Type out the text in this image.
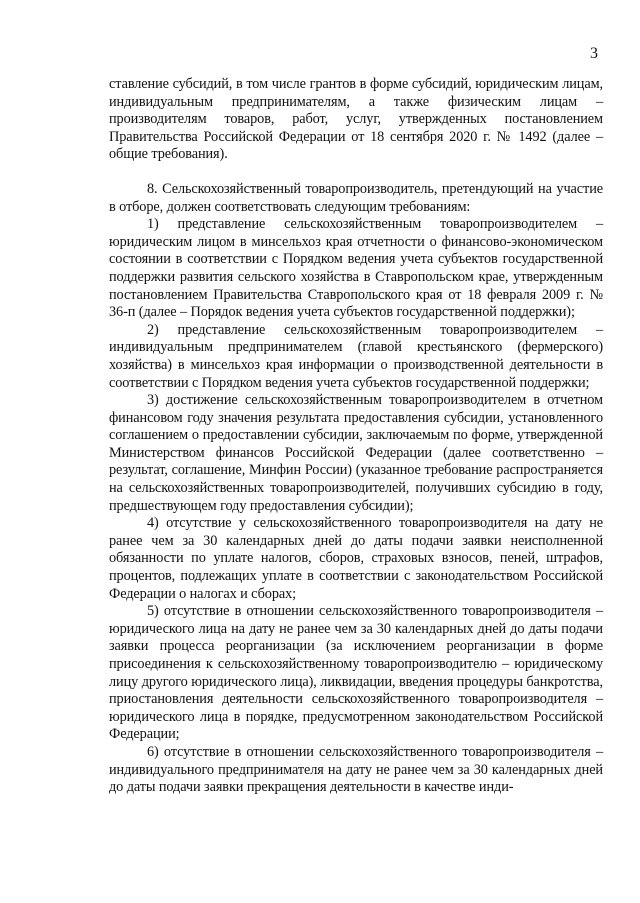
3

ставление субсидий, в том числе грантов в форме субсидий, юридическим лицам, индивидуальным предпринимателям, а также физическим лицам – производителям товаров, работ, услуг, утвержденных постановлением Правительства Российской Федерации от 18 сентября 2020 г. № 1492 (далее – общие требования).

8. Сельскохозяйственный товаропроизводитель, претендующий на участие в отборе, должен соответствовать следующим требованиям:

1) представление сельскохозяйственным товаропроизводителем – юридическим лицом в минсельхоз края отчетности о финансово-экономическом состоянии в соответствии с Порядком ведения учета субъектов государственной поддержки развития сельского хозяйства в Ставропольском крае, утвержденным постановлением Правительства Ставропольского края от 18 февраля 2009 г. № 36-п (далее – Порядок ведения учета субъектов государственной поддержки);

2) представление сельскохозяйственным товаропроизводителем – индивидуальным предпринимателем (главой крестьянского (фермерского) хозяйства) в минсельхоз края информации о производственной деятельности в соответствии с Порядком ведения учета субъектов государственной поддержки;

3) достижение сельскохозяйственным товаропроизводителем в отчетном финансовом году значения результата предоставления субсидии, установленного соглашением о предоставлении субсидии, заключаемым по форме, утвержденной Министерством финансов Российской Федерации (далее соответственно – результат, соглашение, Минфин России) (указанное требование распространяется на сельскохозяйственных товаропроизводителей, получивших субсидию в году, предшествующем году предоставления субсидии);

4) отсутствие у сельскохозяйственного товаропроизводителя на дату не ранее чем за 30 календарных дней до даты подачи заявки неисполненной обязанности по уплате налогов, сборов, страховых взносов, пеней, штрафов, процентов, подлежащих уплате в соответствии с законодательством Российской Федерации о налогах и сборах;

5) отсутствие в отношении сельскохозяйственного товаропроизводителя – юридического лица на дату не ранее чем за 30 календарных дней до даты подачи заявки процесса реорганизации (за исключением реорганизации в форме присоединения к сельскохозяйственному товаропроизводителю – юридическому лицу другого юридического лица), ликвидации, введения процедуры банкротства, приостановления деятельности сельскохозяйственного товаропроизводителя – юридического лица в порядке, предусмотренном законодательством Российской Федерации;

6) отсутствие в отношении сельскохозяйственного товаропроизводителя – индивидуального предпринимателя на дату не ранее чем за 30 календарных дней до даты подачи заявки прекращения деятельности в качестве инди-
